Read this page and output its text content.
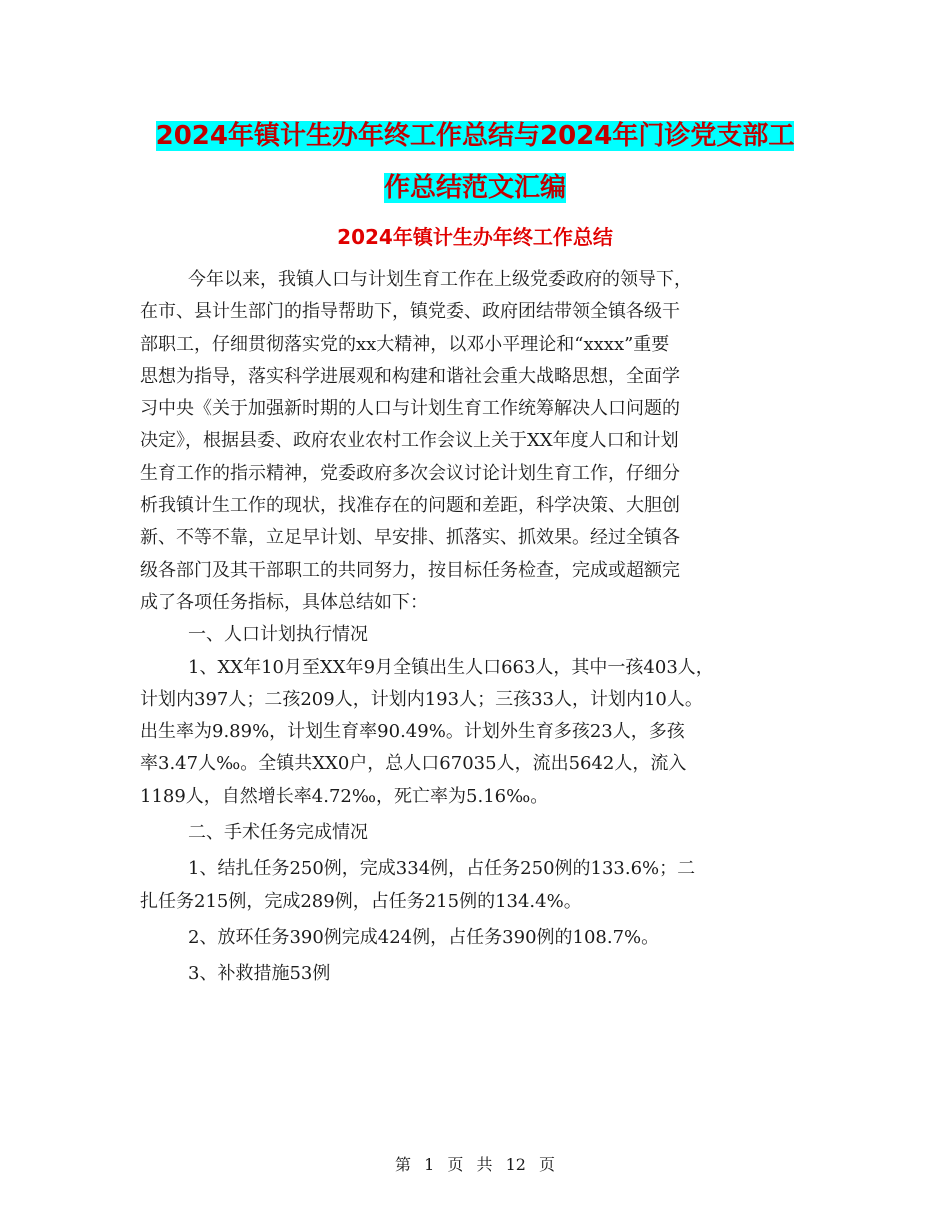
2024年镇计生办年终工作总结与2024年门诊党支部工
作总结范文汇编
2024年镇计生办年终工作总结
今年以来，我镇人口与计划生育工作在上级党委政府的领导下，
在市、县计生部门的指导帮助下，镇党委、政府团结带领全镇各级干
部职工，仔细贯彻落实党的xx大精神，以邓小平理论和“xxxx”重要
思想为指导，落实科学进展观和构建和谐社会重大战略思想，全面学
习中央《关于加强新时期的人口与计划生育工作统筹解决人口问题的
决定》，根据县委、政府农业农村工作会议上关于XX年度人口和计划
生育工作的指示精神，党委政府多次会议讨论计划生育工作，仔细分
析我镇计生工作的现状，找准存在的问题和差距，科学决策、大胆创
新、不等不靠，立足早计划、早安排、抓落实、抓效果。经过全镇各
级各部门及其干部职工的共同努力，按目标任务检查，完成或超额完
成了各项任务指标，具体总结如下：
一、人口计划执行情况
1、XX年10月至XX年9月全镇出生人口663人，其中一孩403人，
计划内397人；二孩209人，计划内193人；三孩33人，计划内10人。
出生率为9.89%，计划生育率90.49%。计划外生育多孩23人，多孩
率3.47人‰。全镇共XX0户，总人口67035人，流出5642人，流入
1189人，自然增长率4.72‰，死亡率为5.16‰。
二、手术任务完成情况
1、结扎任务250例，完成334例，占任务250例的133.6%；二
扎任务215例，完成289例，占任务215例的134.4%。
2、放环任务390例完成424例，占任务390例的108.7%。
3、补救措施53例
第 1 页 共 12 页
